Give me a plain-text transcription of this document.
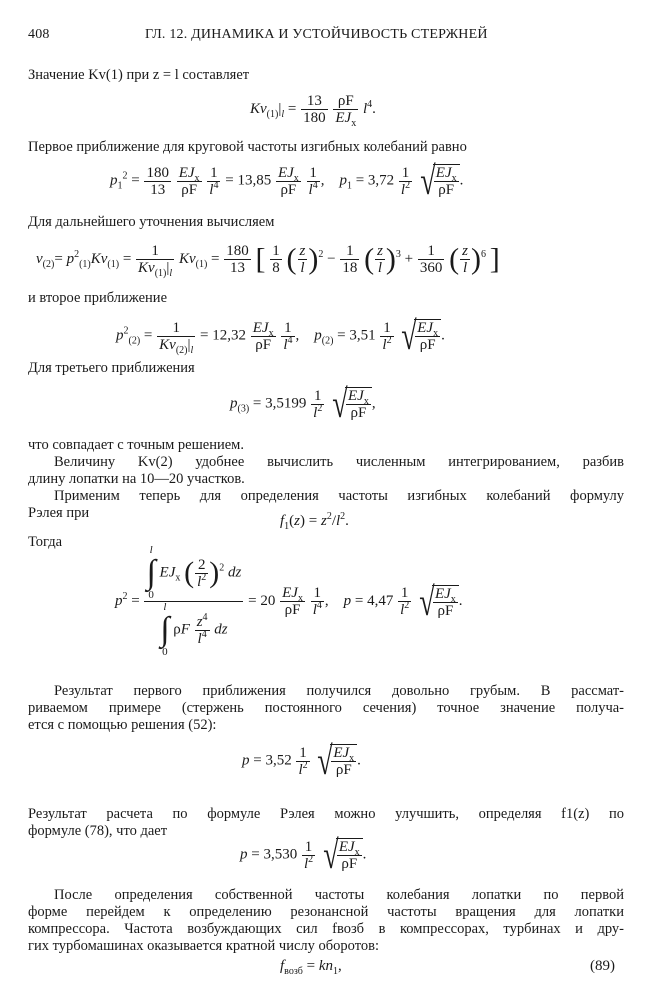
408	ГЛ. 12. ДИНАМИКА И УСТОЙЧИВОСТЬ СТЕРЖНЕЙ
Значение Kv(1) при z = l составляет
$Kv_{(1)}|_l = \frac{13}{180}$
ρF
$EJ_x$
$l^4$.
Первое приближение для круговой частоты изгибных колебаний равно
$p_1^2 = \frac{180}{13}$
$EJ_x$
ρF
$\frac{1}{l^4} = 13,85$ $EJ_x$
ρF
$\frac{1}{l^4}$ ,    $p_1 = 3,72 \frac{1}{l^2}$ √ $EJ_x$
ρF
.
Для дальнейшего уточнения вычисляем
$v_{(2)}= p^2_{(1)}Kv_{(1)} = \frac{1}{Kv_{(1)}|_l} Kv_{(1)} = \frac{180}{13}$ [ $\frac{1}{8}$ ( $\frac{z}{l} )^2 - \frac{1}{18}$ ( $\frac{z}{l} )^3 + \frac{1}{360}$ ( $\frac{z}{l} )^6$ ]
и второе приближение
$p^2_{(2)} = \frac{1}{Kv_{(2)}|_l} = 12,32$ $EJ_x$
ρF
$\frac{1}{l^4}$ ,    $p_{(2)} = 3,51 \frac{1}{l^2}$ √ $EJ_x$
ρF
.
Для третьего приближения
$p_{(3)} = 3,5199 \frac{1}{l^2}$ √ $EJ_x$
ρF
,
что совпадает с точным решением.
Величину Kv(2) удобнее вычислить численным интегрированием, разбив
длину лопатки на 10—20 участков.
Применим теперь для определения частоты изгибных колебаний формулу
Рэлея при	$f_1(z) = z^2/l^2$.
Тогда
$p^2$ =
l
∫
0 $EJ_x$ ( $\frac{2}{l^2} )^2$ dz
l
∫
0 ρF $\frac{z^4}{l^4}$ dz
= 20 $EJ_x$
ρF
$\frac{1}{l^4}$ ,    $p = 4,47 \frac{1}{l^2}$ √ $EJ_x$
ρF
.
Результат первого приближения получился довольно грубым. В рассмат-
риваемом примере (стержень постоянного сечения) точное значение получа-
ется с помощью решения (52):
$p = 3,52 \frac{1}{l^2}$ √ $EJ_x$
ρF
.
Результат расчета по формуле Рэлея можно улучшить, определяя f1(z) по
формуле (78), что дает
$p = 3,530 \frac{1}{l^2}$ √ $EJ_x$
ρF
.
После определения собственной частоты колебания лопатки по первой
форме перейдем к определению резонансной частоты вращения для лопатки
компрессора. Частота возбуждающих сил fвозб в компрессорах, турбинах и дру-
гих турбомашинах оказывается кратной числу оборотов:
$f_{возб} = kn_1$,	(89)
